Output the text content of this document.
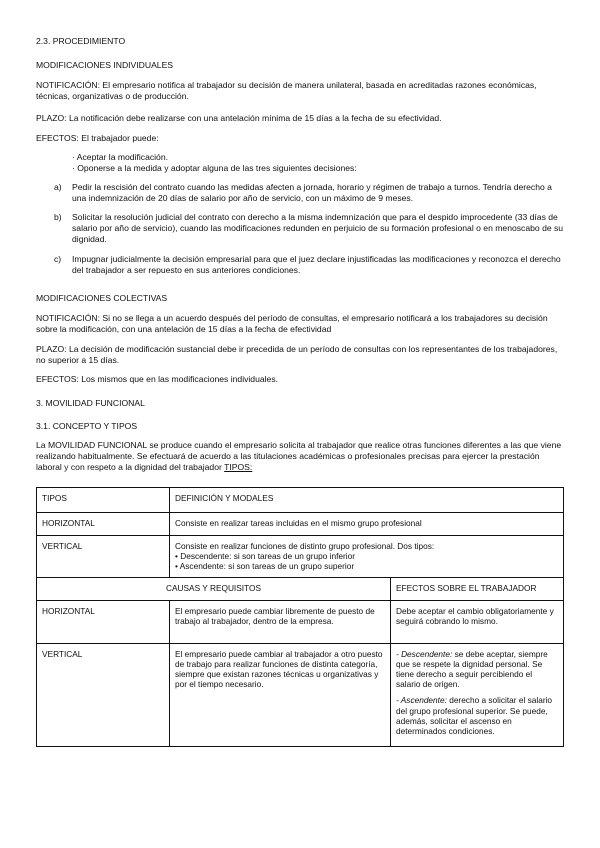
2.3. PROCEDIMIENTO

MODIFICACIONES INDIVIDUALES

NOTIFICACIÓN: El empresario notifica al trabajador su decisión de manera unilateral, basada en acreditadas razones económicas, técnicas, organizativas o de producción.

PLAZO: La notificación debe realizarse con una antelación mínima de 15 días a la fecha de su efectividad.

EFECTOS: El trabajador puede:

· Aceptar la modificación.
· Oponerse a la medida y adoptar alguna de las tres siguientes decisiones:
a) Pedir la rescisión del contrato cuando las medidas afecten a jornada, horario y régimen de trabajo a turnos. Tendría derecho a una indemnización de 20 días de salario por año de servicio, con un máximo de 9 meses.
b) Solicitar la resolución judicial del contrato con derecho a la misma indemnización que para el despido improcedente (33 días de salario por año de servicio), cuando las modificaciones redunden en perjuicio de su formación profesional o en menoscabo de su dignidad.
c) Impugnar judicialmente la decisión empresarial para que el juez declare injustificadas las modificaciones y reconozca el derecho del trabajador a ser repuesto en sus anteriores condiciones.

MODIFICACIONES COLECTIVAS

NOTIFICACIÓN: Si no se llega a un acuerdo después del período de consultas, el empresario notificará a los trabajadores su decisión sobre la modificación, con una antelación de 15 días a la fecha de efectividad

PLAZO: La decisión de modificación sustancial debe ir precedida de un período de consultas con los representantes de los trabajadores, no superior a 15 días.

EFECTOS: Los mismos que en las modificaciones individuales.

3. MOVILIDAD FUNCIONAL

3.1. CONCEPTO Y TIPOS

La MOVILIDAD FUNCIONAL se produce cuando el empresario solicita al trabajador que realice otras funciones diferentes a las que viene realizando habitualmente. Se efectuará de acuerdo a las titulaciones académicas o profesionales precisas para ejercer la prestación laboral y con respeto a la dignidad del trabajador TIPOS:

TIPOS	DEFINICIÓN Y MODALES	
HORIZONTAL	Consiste en realizar tareas incluidas en el mismo grupo profesional	
VERTICAL	Consiste en realizar funciones de distinto grupo profesional. Dos tipos:
• Descendente: si son tareas de un grupo inferior
• Ascendente: si son tareas de un grupo superior	

CAUSAS Y REQUISITOS		EFECTOS SOBRE EL TRABAJADOR
HORIZONTAL	El empresario puede cambiar libremente de puesto de trabajo al trabajador, dentro de la empresa.	Debe aceptar el cambio obligatoriamente y seguirá cobrando lo mismo.
VERTICAL	El empresario puede cambiar al trabajador a otro puesto de trabajo para realizar funciones de distinta categoría, siempre que existan razones técnicas u organizativas y por el tiempo necesario.	- Descendente: se debe aceptar, siempre que se respete la dignidad personal. Se tiene derecho a seguir percibiendo el salario de origen.
- Ascendente: derecho a solicitar el salario del grupo profesional superior. Se puede, además, solicitar el ascenso en determinados condiciones.
